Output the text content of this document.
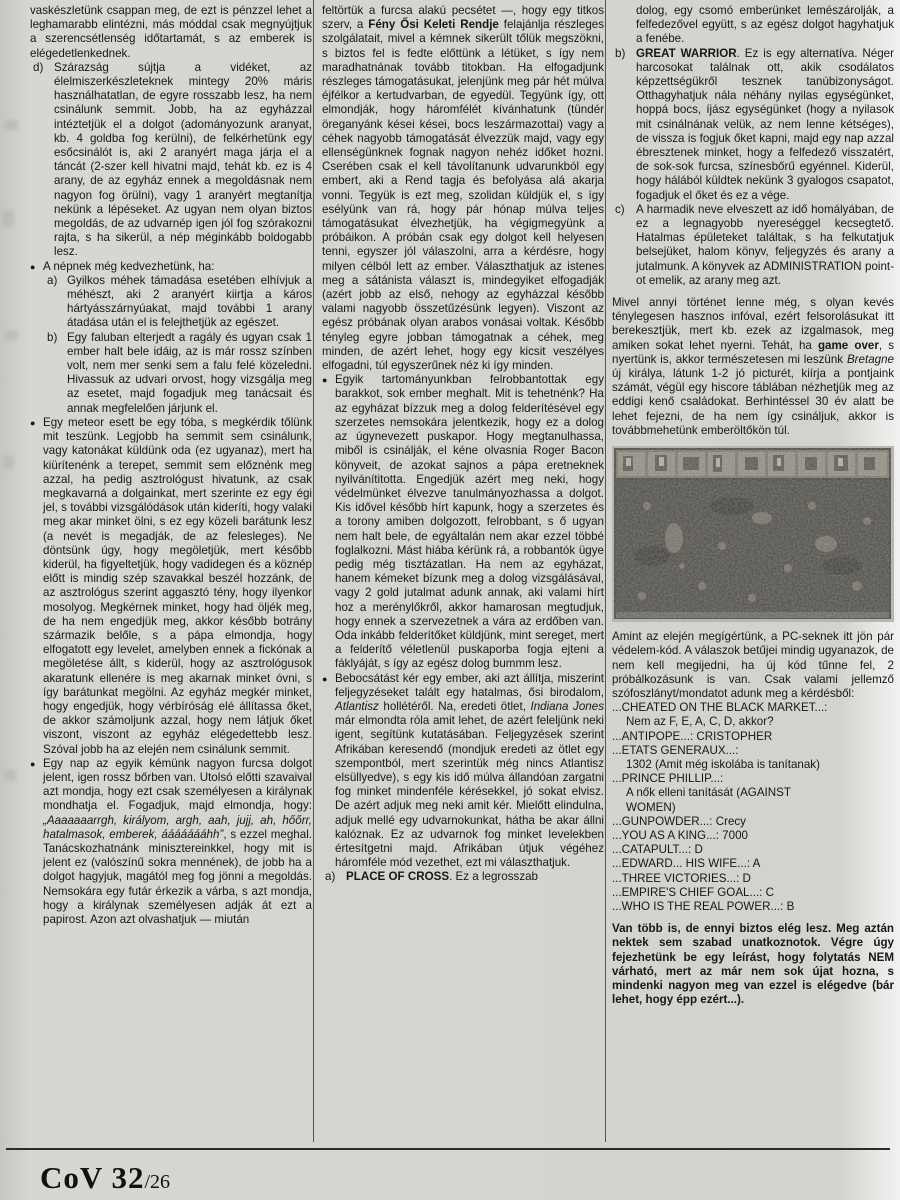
vaskészletünk csappan meg, de ezt is pénzzel lehet a leghamarabb elintézni, más móddal csak megnyújtjuk a szerencsétlenség időtartamát, s az emberek is elégedetlenkednek.
d) Szárazság sújtja a vidéket, az élelmiszerkészleteknek mintegy 20% máris használhatatlan, de egyre rosszabb lesz, ha nem csinálunk semmit. Jobb, ha az egyházzal intéztetjük el a dolgot (adományozunk aranyat, kb. 4 goldba fog kerülni), de felkérhetünk egy esőcsinálót is, aki 2 aranyért maga járja el a táncát (2-szer kell hivatni majd, tehát kb. ez is 4 arany, de az egyház ennek a megoldásnak nem nagyon fog örülni), vagy 1 aranyért megtanítja nekünk a lépéseket. Az ugyan nem olyan biztos megoldás, de az udvarnép igen jól fog szórakozni rajta, s ha sikerül, a nép méginkább boldogabb lesz.
● A népnek még kedvezhetünk, ha:
a) Gyilkos méhek támadása esetében elhívjuk a méhészt, aki 2 aranyért kiirtja a káros hártyásszárnyúakat, majd további 1 arany átadása után el is felejthetjük az egészet.
b) Egy faluban elterjedt a ragály és ugyan csak 1 ember halt bele idáig, az is már rossz színben volt, nem mer senki sem a falu felé közeledni. Hivassuk az udvari orvost, hogy vizsgálja meg az esetet, majd fogadjuk meg tanácsait és annak megfelelően járjunk el.
● Egy meteor esett be egy tóba, s megkérdik tőlünk mit teszünk. Legjobb ha semmit sem csinálunk, vagy katonákat küldünk oda (ez ugyanaz), mert ha kiürítenénk a terepet, semmit sem előznénk meg azzal, ha pedig asztrológust hivatunk, az csak megkavarná a dolgainkat, mert szerinte ez egy égi jel, s további vizsgálódások után kideríti, hogy valaki meg akar minket ölni, s ez egy közeli barátunk lesz (a nevét is megadják, de az felesleges). Ne döntsünk úgy, hogy megöletjük, mert később kiderül, ha figyeltetjük, hogy vadidegen és a köznép előtt is mindig szép szavakkal beszél hozzánk, de az asztrológus szerint aggasztó tény, hogy ilyenkor mosolyog. Megkérnek minket, hogy had öljék meg, de ha nem engedjük meg, akkor később botrány származik belőle, s a pápa elmondja, hogy elfogatott egy levelet, amelyben ennek a fickónak a megöletése állt, s kiderül, hogy az asztrológusok akaratunk ellenére is meg akarnak minket óvni, s így barátunkat megölni. Az egyház megkér minket, hogy engedjük, hogy vérbíróság elé állítassa őket, de akkor számoljunk azzal, hogy nem látjuk őket viszont, viszont az egyház elégedettebb lesz. Szóval jobb ha az elején nem csinálunk semmit.
● Egy nap az egyik kémünk nagyon furcsa dolgot jelent, igen rossz bőrben van. Utolsó előtti szavaival azt mondja, hogy ezt csak személyesen a királynak mondhatja el. Fogadjuk, majd elmondja, hogy: „Aaaaaaarrgh, királyom, argh, aah, jujj, ah, hőőrr, hatalmasok, emberek, áááááááhh”, s ezzel meghal. Tanácskozhatnánk minisztereinkkel, hogy mit is jelent ez (valószínű sokra mennének), de jobb ha a dolgot hagyjuk, magától meg fog jönni a megoldás. Nemsokára egy futár érkezik a várba, s azt mondja, hogy a királynak személyesen adják át ezt a papirost. Azon azt olvashatjuk — miután
feltörtük a furcsa alakú pecsétet —, hogy egy titkos szerv, a Fény Ősi Keleti Rendje felajánlja részleges szolgálatait, mivel a kémnek sikerült tőlük megszökni, s biztos fel is fedte előttünk a létüket, s így nem maradhatnának tovább titokban. Ha elfogadjunk részleges támogatásukat, jelenjünk meg pár hét múlva éjfélkor a kertudvarban, de egyedül. Tegyünk így, ott elmondják, hogy háromfélét kívánhatunk (tündér öreganyánk kései kései, bocs leszármazottai) vagy a céhek nagyobb támogatását élvezzük majd, vagy egy ellenségünknek fognak nagyon nehéz időket hozni. Cserében csak el kell távolítanunk udvarunkból egy embert, aki a Rend tagja és befolyása alá akarja vonni. Tegyük is ezt meg, szolidan küldjük el, s így esélyünk van rá, hogy pár hónap múlva teljes támogatásukat élvezhetjük, ha végigmegyünk a próbáikon. A próbán csak egy dolgot kell helyesen tenni, egyszer jól válaszolni, arra a kérdésre, hogy milyen célból lett az ember. Választhatjuk az istenes meg a sátánista választ is, mindegyiket elfogadják (azért jobb az első, nehogy az egyházzal később valami nagyobb összetűzésünk legyen). Viszont az egész próbának olyan arabos vonásai voltak. Később tényleg egyre jobban támogatnak a céhek, meg minden, de azért lehet, hogy egy kicsit veszélyes elfogadni, túl egyszerűnek néz ki így minden.
● Egyik tartományunkban felrobbantottak egy barakkot, sok ember meghalt. Mit is tehetnénk? Ha az egyházat bízzuk meg a dolog felderítésével egy szerzetes nemsokára jelentkezik, hogy ez a dolog az úgynevezett puskapor. Hogy megtanulhassa, miből is csinálják, el kéne olvasnia Roger Bacon könyveit, de azokat sajnos a pápa eretneknek nyilvánítitotta. Engedjük azért meg neki, hogy védelmünket élvezve tanulmányozhassa a dolgot. Kis idővel később hírt kapunk, hogy a szerzetes és a torony amiben dolgozott, felrobbant, s ő ugyan nem halt bele, de egyáltalán nem akar ezzel többé foglalkozni. Mást hiába kérünk rá, a robbantók ügye pedig még tisztázatlan. Ha nem az egyházat, hanem kémeket bízunk meg a dolog vizsgálásával, vagy 2 gold jutalmat adunk annak, aki valami hírt hoz a merénylőkről, akkor hamarosan megtudjuk, hogy ennek a szervezetnek a vára az erdőben van. Oda inkább felderítőket küldjünk, mint sereget, mert a felderítő véletlenül puskaporba fogja ejteni a fáklyáját, s így az egész dolog bummm lesz.
● Bebocsátást kér egy ember, aki azt állítja, miszerint feljegyzéseket talált egy hatalmas, ősi birodalom, Atlantisz hollétéről. Na, eredeti ötlet, Indiana Jones már elmondta róla amit lehet, de azért feleljünk neki igent, segítünk kutatásában. Feljegyzések szerint Afrikában keresendő (mondjuk eredeti az ötlet egy szempontból, mert szerintük még nincs Atlantisz elsüllyedve), s egy kis idő múlva állandóan zargatni fog minket mindenféle kérésekkel, jó sokat elvisz. De azért adjuk meg neki amit kér. Mielőtt elindulna, adjuk mellé egy udvarnokunkat, hátha be akar állni kalóznak. Ez az udvarnok fog minket levelekben értesítgetni majd. Afrikában útjuk végéhez háromféle mód vezethet, ezt mi választhatjuk.
a) PLACE OF CROSS. Ez a legrosszab
dolog, egy csomó emberünket lemészárolják, a felfedezővel együtt, s az egész dolgot hagyhatjuk a fenébe.
b) GREAT WARRIOR. Ez is egy alternatíva. Néger harcosokat találnak ott, akik csodálatos képzettségükről tesznek tanúbizonyságot. Otthagyhatjuk nála néhány nyilas egységünket, hoppá bocs, íjász egységünket (hogy a nyilasok mit csinálnának velük, az nem lenne kétséges), de vissza is fogjuk őket kapni, majd egy nap azzal ébresztenek minket, hogy a felfedező visszatért, de sok-sok furcsa, színesbőrű egyénnel. Kiderül, hogy hálából küldtek nekünk 3 gyalogos csapatot, fogadjuk el őket és ez a vége.
c) A harmadik neve elveszett az idő homályában, de ez a legnagyobb nyereséggel kecsegtető. Hatalmas épületeket találtak, s ha felkutatjuk belsejüket, halom könyv, feljegyzés és arany a jutalmunk. A könyvek az ADMINISTRATION point-ot emelik, az arany meg azt.
Mivel annyi történet lenne még, s olyan kevés ténylegesen hasznos infóval, ezért felsorolásukat itt berekesztjük, mert kb. ezek az izgalmasok, meg amiken sokat lehet nyerni. Tehát, ha game over, s nyertünk is, akkor természetesen mi leszünk Bretagne új királya, látunk 1-2 jó picturét, kiírja a pontjaink számát, végül egy hiscore táblában nézhetjük meg az eddigi kenő családokat. Berhintéssel 30 év alatt be lehet fejezni, de ha nem így csináljuk, akkor is továbbmehetünk emberöltőkön túl.
Amint az elején megígértünk, a PC-seknek itt jön pár védelem-kód. A válaszok betűjei mindig ugyanazok, de nem kell megijedni, ha új kód tűnne fel, 2 próbálkozásunk is van. Csak valami jellemző szófoszlányt/mondatot adunk meg a kérdésből:
...CHEATED ON THE BLACK MARKET...:
Nem az F, E, A, C, D, akkor?
...ANTIPOPE...: CRISTOPHER
...ETATS GENERAUX...:
1302 (Amit még iskolába is tanítanak)
...PRINCE PHILLIP...:
A nők elleni tanítását (AGAINST
WOMEN)
...GUNPOWDER...: Crecy
...YOU AS A KING...: 7000
...CATAPULT...: D
...EDWARD... HIS WIFE...: A
...THREE VICTORIES...: D
...EMPIRE'S CHIEF GOAL...: C
...WHO IS THE REAL POWER...: B
Van több is, de ennyi biztos elég lesz. Meg aztán nektek sem szabad unatkoznotok. Végre úgy fejezhetünk be egy leírást, hogy folytatás NEM várható, mert az már nem sok újat hozna, s mindenki nagyon meg van ezzel is elégedve (bár lehet, hogy épp ezért...).
CoV 32/26
